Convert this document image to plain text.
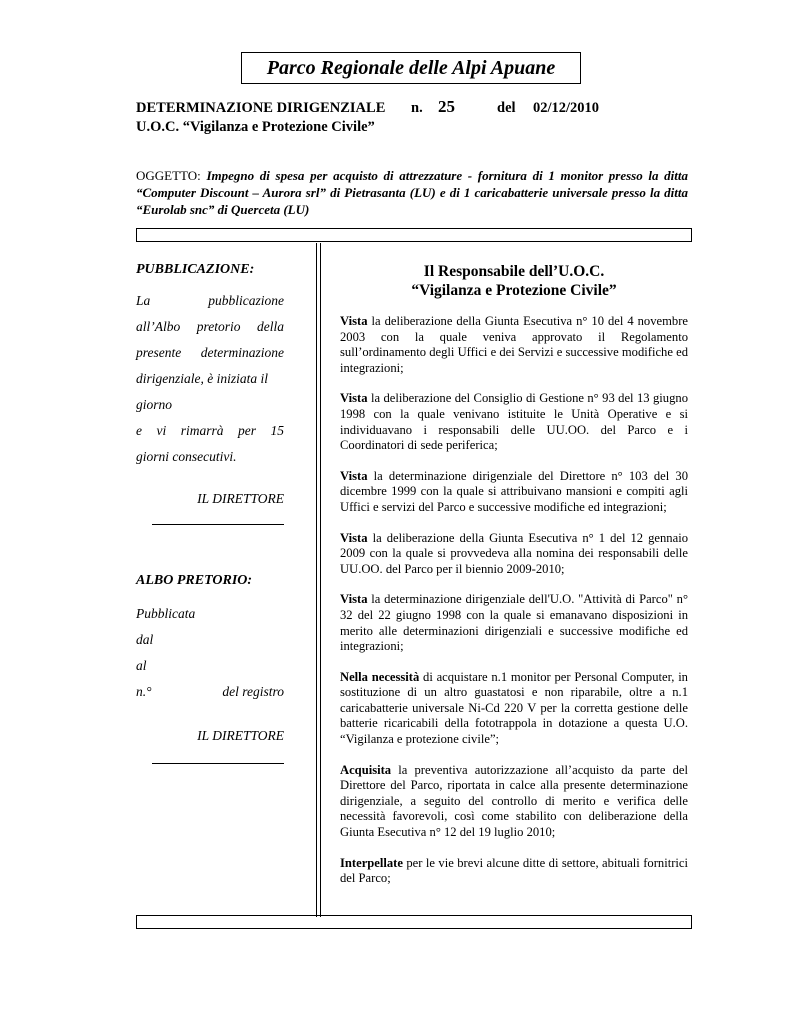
Parco Regionale delle Alpi Apuane
DETERMINAZIONE DIRIGENZIALE n. 25	del 02/12/2010
U.O.C. “Vigilanza e Protezione Civile”
OGGETTO: Impegno di spesa per acquisto di attrezzature - fornitura di 1 monitor presso la ditta “Computer Discount – Aurora srl” di Pietrasanta (LU) e di 1 caricabatterie universale presso la ditta “Eurolab snc” di Querceta (LU)
PUBBLICAZIONE:
La	pubblicazione
all’Albo pretorio della
presente determinazione
dirigenziale, è iniziata il
giorno
e vi rimarrà per 15
giorni consecutivi.
IL DIRETTORE
ALBO PRETORIO:
Pubblicata
dal
al
n.°	del registro
IL DIRETTORE
Il Responsabile dell’U.O.C.
“Vigilanza e Protezione Civile”

Vista la deliberazione della Giunta Esecutiva n° 10 del 4 novembre 2003 con la quale veniva approvato il Regolamento sull’ordinamento degli Uffici e dei Servizi e successive modifiche ed integrazioni;

Vista la deliberazione del Consiglio di Gestione n° 93 del 13 giugno 1998 con la quale venivano istituite le Unità Operative e si individuavano i responsabili delle UU.OO. del Parco e i Coordinatori di sede periferica;

Vista la determinazione dirigenziale del Direttore n° 103 del 30 dicembre 1999 con la quale si attribuivano mansioni e compiti agli Uffici e servizi del Parco e successive modifiche ed integrazioni;

Vista la deliberazione della Giunta Esecutiva n° 1 del 12 gennaio 2009 con la quale si provvedeva alla nomina dei responsabili delle UU.OO. del Parco per il biennio 2009-2010;

Vista la determinazione dirigenziale dell'U.O. "Attività di Parco" n° 32 del 22 giugno 1998 con la quale si emanavano disposizioni in merito alle determinazioni dirigenziali e successive modifiche ed integrazioni;

Nella necessità di acquistare n.1 monitor per Personal Computer, in sostituzione di un altro guastatosi e non riparabile, oltre a n.1 caricabatterie universale Ni-Cd 220 V per la corretta gestione delle batterie ricaricabili della fototrappola in dotazione a questa U.O. “Vigilanza e protezione civile”;

Acquisita la preventiva autorizzazione all’acquisto da parte del Direttore del Parco, riportata in calce alla presente determinazione dirigenziale, a seguito del controllo di merito e verifica delle necessità favorevoli, così come stabilito con deliberazione della Giunta Esecutiva n° 12 del 19 luglio 2010;

Interpellate per le vie brevi alcune ditte di settore, abituali fornitrici del Parco;
